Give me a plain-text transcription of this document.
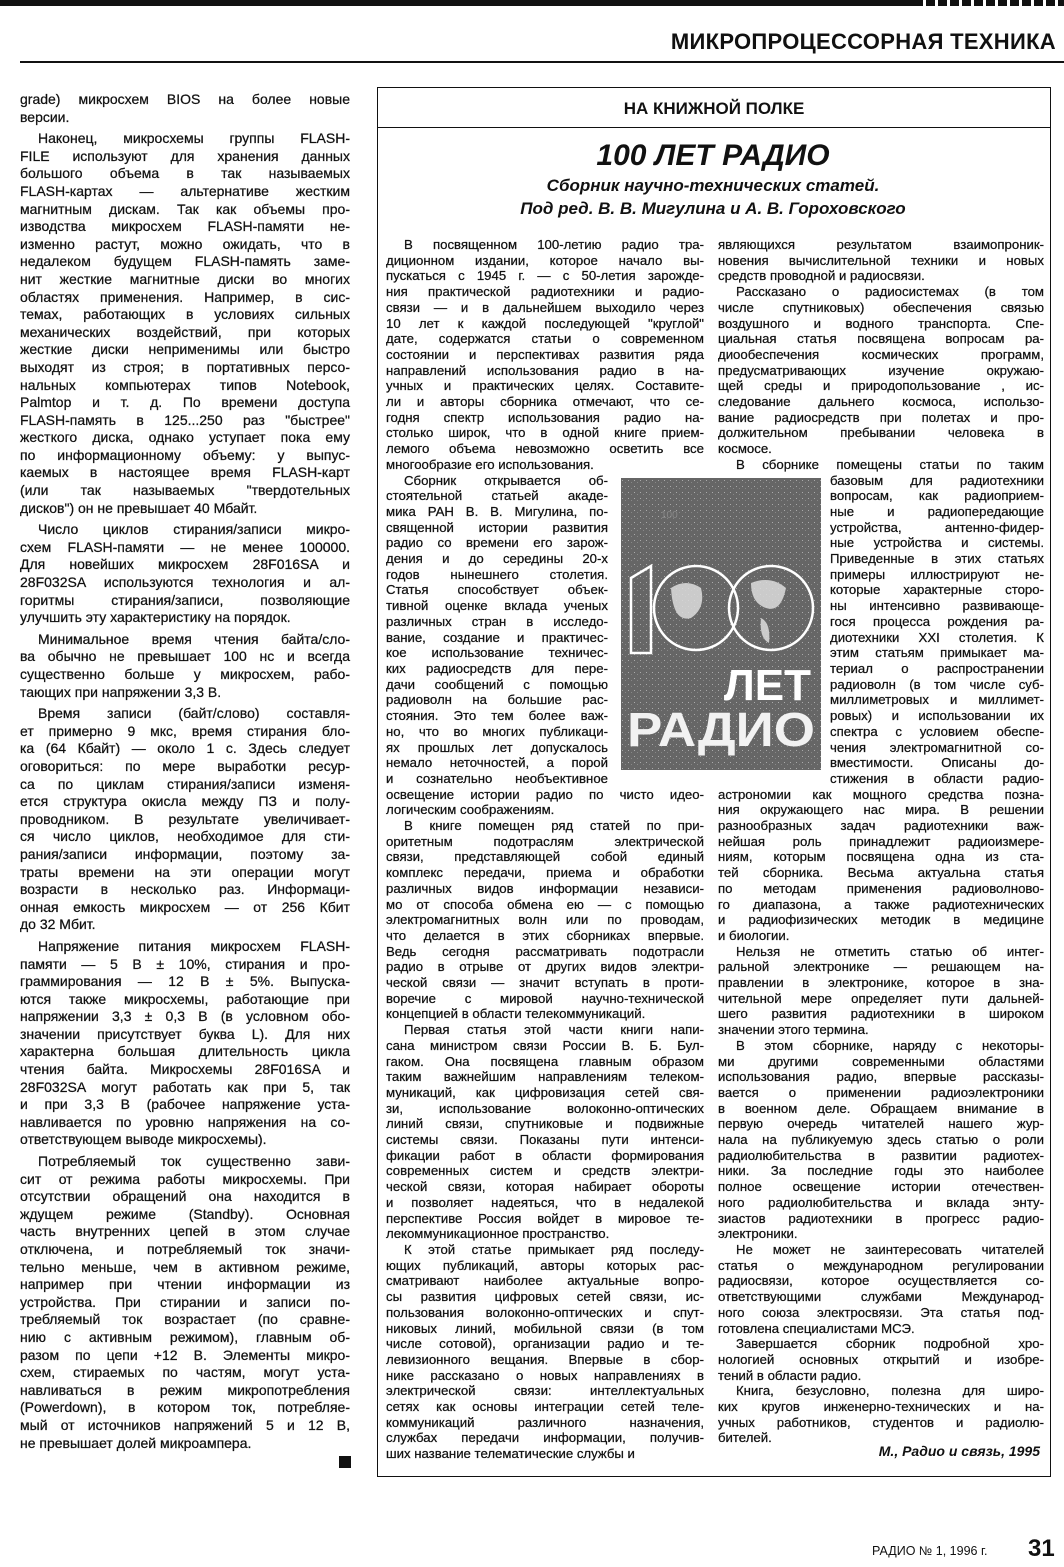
МИКРОПРОЦЕССОРНАЯ ТЕХНИКА
grade) микросхем BIOS на более новые
версии.
Наконец, микросхемы группы FLASH-
FILE используют для хранения данных
большого объема в так называемых
FLASH-картах — альтернативе жестким
магнитным дискам. Так как объемы про-
изводства микросхем FLASH-памяти не-
изменно растут, можно ожидать, что в
недалеком будущем FLASH-память заме-
нит жесткие магнитные диски во многих
областях применения. Например, в сис-
темах, работающих в условиях сильных
механических воздействий, при которых
жесткие диски неприменимы или быстро
выходят из строя; в портативных персо-
нальных компьютерах типов Notebook,
Palmtop и т. д. По времени доступа
FLASH-память в 125...250 раз "быстрее"
жесткого диска, однако уступает пока ему
по информационному объему: у выпус-
каемых в настоящее время FLASH-карт
(или так называемых "твердотельных
дисков") он не превышает 40 Мбайт.
Число циклов стирания/записи микро-
схем FLASH-памяти — не менее 100000.
Для новейших микросхем 28F016SA и
28F032SA используются технология и ал-
горитмы стирания/записи, позволяющие
улучшить эту характеристику на порядок.
Минимальное время чтения байта/сло-
ва обычно не превышает 100 нс и всегда
существенно больше у микросхем, рабо-
тающих при напряжении 3,3 В.
Время записи (байт/слово) составля-
ет примерно 9 мкс, время стирания бло-
ка (64 Кбайт) — около 1 с. Здесь следует
оговориться: по мере выработки ресур-
са по циклам стирания/записи изменя-
ется структура окисла между ПЗ и полу-
проводником. В результате увеличивает-
ся число циклов, необходимое для сти-
рания/записи информации, поэтому за-
траты времени на эти операции могут
возрасти в несколько раз. Информаци-
онная емкость микросхем — от 256 Кбит
до 32 Мбит.
Напряжение питания микросхем FLASH-
памяти — 5 В ± 10%, стирания и про-
граммирования — 12 В ± 5%. Выпуска-
ются также микросхемы, работающие при
напряжении 3,3 ± 0,3 В (в условном обо-
значении присутствует буква L). Для них
характерна большая длительность цикла
чтения байта. Микросхемы 28F016SA и
28F032SA могут работать как при 5, так
и при 3,3 В (рабочее напряжение уста-
навливается по уровню напряжения на со-
ответствующем выводе микросхемы).
Потребляемый ток существенно зави-
сит от режима работы микросхемы. При
отсутствии обращений она находится в
ждущем режиме (Standby). Основная
часть внутренних цепей в этом случае
отключена, и потребляемый ток значи-
тельно меньше, чем в активном режиме,
например при чтении информации из
устройства. При стирании и записи по-
требляемый ток возрастает (по сравне-
нию с активным режимом), главным об-
разом по цепи +12 В. Элементы микро-
схем, стираемых по частям, могут уста-
навливаться в режим микропотребления
(Powerdown), в котором ток, потребляе-
мый от источников напряжений 5 и 12 В,
не превышает долей микроампера.
НА КНИЖНОЙ ПОЛКЕ
100 ЛЕТ РАДИО
Сборник научно-технических статей.
Под ред. В. В. Мигулина и А. В. Гороховского
В посвященном 100-летию радио тра-
диционном издании, которое начало вы-
пускаться с 1945 г. — с 50-летия зарожде-
ния практической радиотехники и радио-
связи — и в дальнейшем выходило через
10 лет к каждой последующей "круглой"
дате, содержатся статьи о современном
состоянии и перспективах развития ряда
направлений использования радио в на-
учных и практических целях. Составите-
ли и авторы сборника отмечают, что се-
годня спектр использования радио на-
столько широк, что в одной книге прием-
лемого объема невозможно осветить все
многообразие его использования.
Сборник открывается об-
стоятельной статьей акаде-
мика РАН В. В. Мигулина, по-
священной истории развития
радио со времени его зарож-
дения и до середины 20-х
годов нынешнего столетия.
Статья способствует объек-
тивной оценке вклада ученых
различных стран в исследо-
вание, создание и практичес-
кое использование техничес-
ких радиосредств для пере-
дачи сообщений с помощью
радиоволн на большие рас-
стояния. Это тем более важ-
но, что во многих публикаци-
ях прошлых лет допускалось
немало неточностей, а порой
и сознательно необъективное
освещение истории радио по чисто идео-
логическим соображениям.
В книге помещен ряд статей по при-
оритетным подотраслям электрической
связи, представляющей собой единый
комплекс передачи, приема и обработки
различных видов информации независи-
мо от способа обмена ею — с помощью
электромагнитных волн или по проводам,
что делается в этих сборниках впервые.
Ведь сегодня рассматривать подотрасли
радио в отрыве от других видов электри-
ческой связи — значит вступать в проти-
воречие с мировой научно-технической
концепцией в области телекоммуникаций.
Первая статья этой части книги напи-
сана министром связи России В. Б. Бул-
гаком. Она посвящена главным образом
таким важнейшим направлениям телеком-
муникаций, как цифровизация сетей свя-
зи, использование волоконно-оптических
линий связи, спутниковые и подвижные
системы связи. Показаны пути интенси-
фикации работ в области формирования
современных систем и средств электри-
ческой связи, которая набирает обороты
и позволяет надеяться, что в недалекой
перспективе Россия войдет в мировое те-
лекоммуникационное пространство.
К этой статье примыкает ряд последу-
ющих публикаций, авторы которых рас-
сматривают наиболее актуальные вопро-
сы развития цифровых сетей связи, ис-
пользования волоконно-оптических и спут-
никовых линий, мобильной связи (в том
числе сотовой), организации радио и те-
левизионного вещания. Впервые в сбор-
нике рассказано о новых направлениях в
электрической связи: интеллектуальных
сетях как основы интеграции сетей теле-
коммуникаций различного назначения,
службах передачи информации, получив-
ших название телематические службы и
являющихся результатом взаимопроник-
новения вычислительной техники и новых
средств проводной и радиосвязи.
Рассказано о радиосистемах (в том
числе спутниковых) обеспечения связью
воздушного и водного транспорта. Спе-
циальная статья посвящена вопросам ра-
диообеспечения космических программ,
предусматривающих изучение окружаю-
щей среды и природопользование , ис-
следование дальнего космоса, использо-
вание радиосредств при полетах и про-
должительном пребывании человека в
космосе.
В сборнике помещены статьи по таким
базовым для радиотехники
вопросам, как радиоприем-
ные и радиопередающие
устройства, антенно-фидер-
ные устройства и системы.
Приведенные в этих статьях
примеры иллюстрируют не-
которые характерные сторо-
ны интенсивно развивающе-
гося процесса рождения ра-
диотехники XXI столетия. К
этим статьям примыкает ма-
териал о распространении
радиоволн (в том числе суб-
миллиметровых и миллимет-
ровых) и использовании их
спектра с условием обеспе-
чения электромагнитной со-
вместимости. Описаны до-
стижения в области радио-
астрономии как мощного средства позна-
ния окружающего нас мира. В решении
разнообразных задач радиотехники важ-
нейшая роль принадлежит радиоизмере-
ниям, которым посвящена одна из ста-
тей сборника. Весьма актуальна статья
по методам применения радиоволново-
го диапазона, а также радиотехнических
и радиофизических методик в медицине
и биологии.
Нельзя не отметить статью об интег-
ральной электронике — решающем на-
правлении в электронике, которое в зна-
чительной мере определяет пути дальней-
шего развития радиотехники в широком
значении этого термина.
В этом сборнике, наряду с некоторы-
ми другими современными областями
использования радио, впервые рассказы-
вается о применении радиоэлектроники
в военном деле. Обращаем внимание в
первую очередь читателей нашего жур-
нала на публикуемую здесь статью о роли
радиолюбительства в развитии радиотех-
ники. За последние годы это наиболее
полное освещение истории отечествен-
ного радиолюбительства и вклада энту-
зиастов радиотехники в прогресс радио-
электроники.
Не может не заинтересовать читателей
статья о международном регулировании
радиосвязи, которое осуществляется со-
ответствующими службами Международ-
ного союза электросвязи. Эта статья под-
готовлена специалистами МСЭ.
Завершается сборник подробной хро-
нологией основных открытий и изобре-
тений в области радио.
Книга, безусловно, полезна для широ-
ких кругов инженерно-технических и на-
учных работников, студентов и радиолю-
бителей.
100
ЛЕТ
РАДИО
М., Радио и связь, 1995
РАДИО № 1, 1996 г. 31
